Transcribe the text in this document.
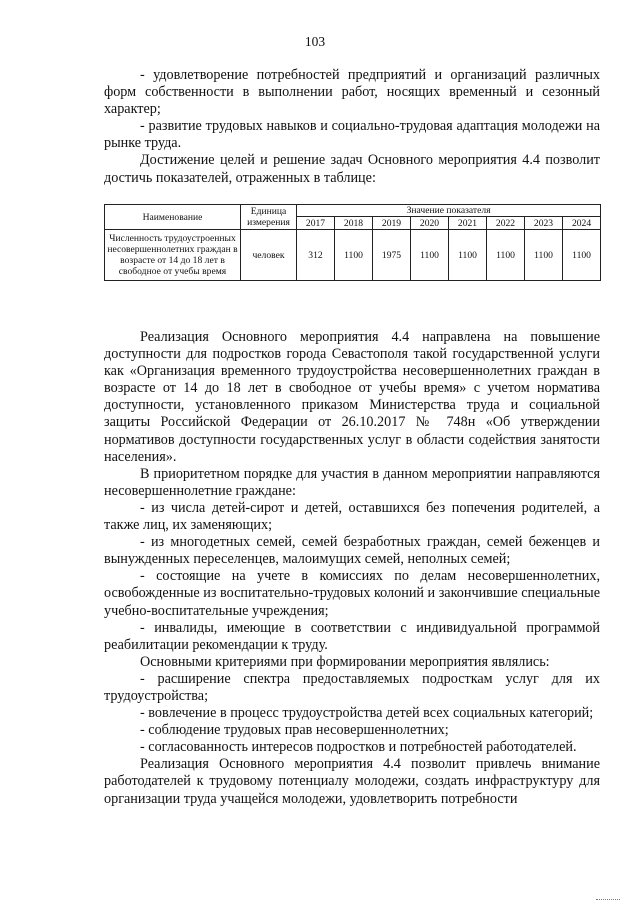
103

- удовлетворение потребностей предприятий и организаций различных форм собственности в выполнении работ, носящих временный и сезонный характер;

- развитие трудовых навыков и социально-трудовая адаптация молодежи на рынке труда.

Достижение целей и решение задач Основного мероприятия 4.4 позволит достичь показателей, отраженных в таблице:

Наименование	Единица измерения	Значение показателя							
		2017	2018	2019	2020	2021	2022	2023	2024
Численность трудоустроенных несовершеннолетних граждан в возрасте от 14 до 18 лет в свободное от учебы время	человек	312	1100	1975	1100	1100	1100	1100	1100

Реализация Основного мероприятия 4.4 направлена на повышение доступности для подростков города Севастополя такой государственной услуги как «Организация временного трудоустройства несовершеннолетних граждан в возрасте от 14 до 18 лет в свободное от учебы время» с учетом норматива доступности, установленного приказом Министерства труда и социальной защиты Российской Федерации от 26.10.2017 № 748н «Об утверждении нормативов доступности государственных услуг в области содействия занятости населения».

В приоритетном порядке для участия в данном мероприятии направляются несовершеннолетние граждане:

- из числа детей-сирот и детей, оставшихся без попечения родителей, а также лиц, их заменяющих;

- из многодетных семей, семей безработных граждан, семей беженцев и вынужденных переселенцев, малоимущих семей, неполных семей;

- состоящие на учете в комиссиях по делам несовершеннолетних, освобожденные из воспитательно-трудовых колоний и закончившие специальные учебно-воспитательные учреждения;

- инвалиды, имеющие в соответствии с индивидуальной программой реабилитации рекомендации к труду.

Основными критериями при формировании мероприятия являлись:

- расширение спектра предоставляемых подросткам услуг для их трудоустройства;

- вовлечение в процесс трудоустройства детей всех социальных категорий;

- соблюдение трудовых прав несовершеннолетних;

- согласованность интересов подростков и потребностей работодателей.

Реализация Основного мероприятия 4.4 позволит привлечь внимание работодателей к трудовому потенциалу молодежи, создать инфраструктуру для организации труда учащейся молодежи, удовлетворить потребности
